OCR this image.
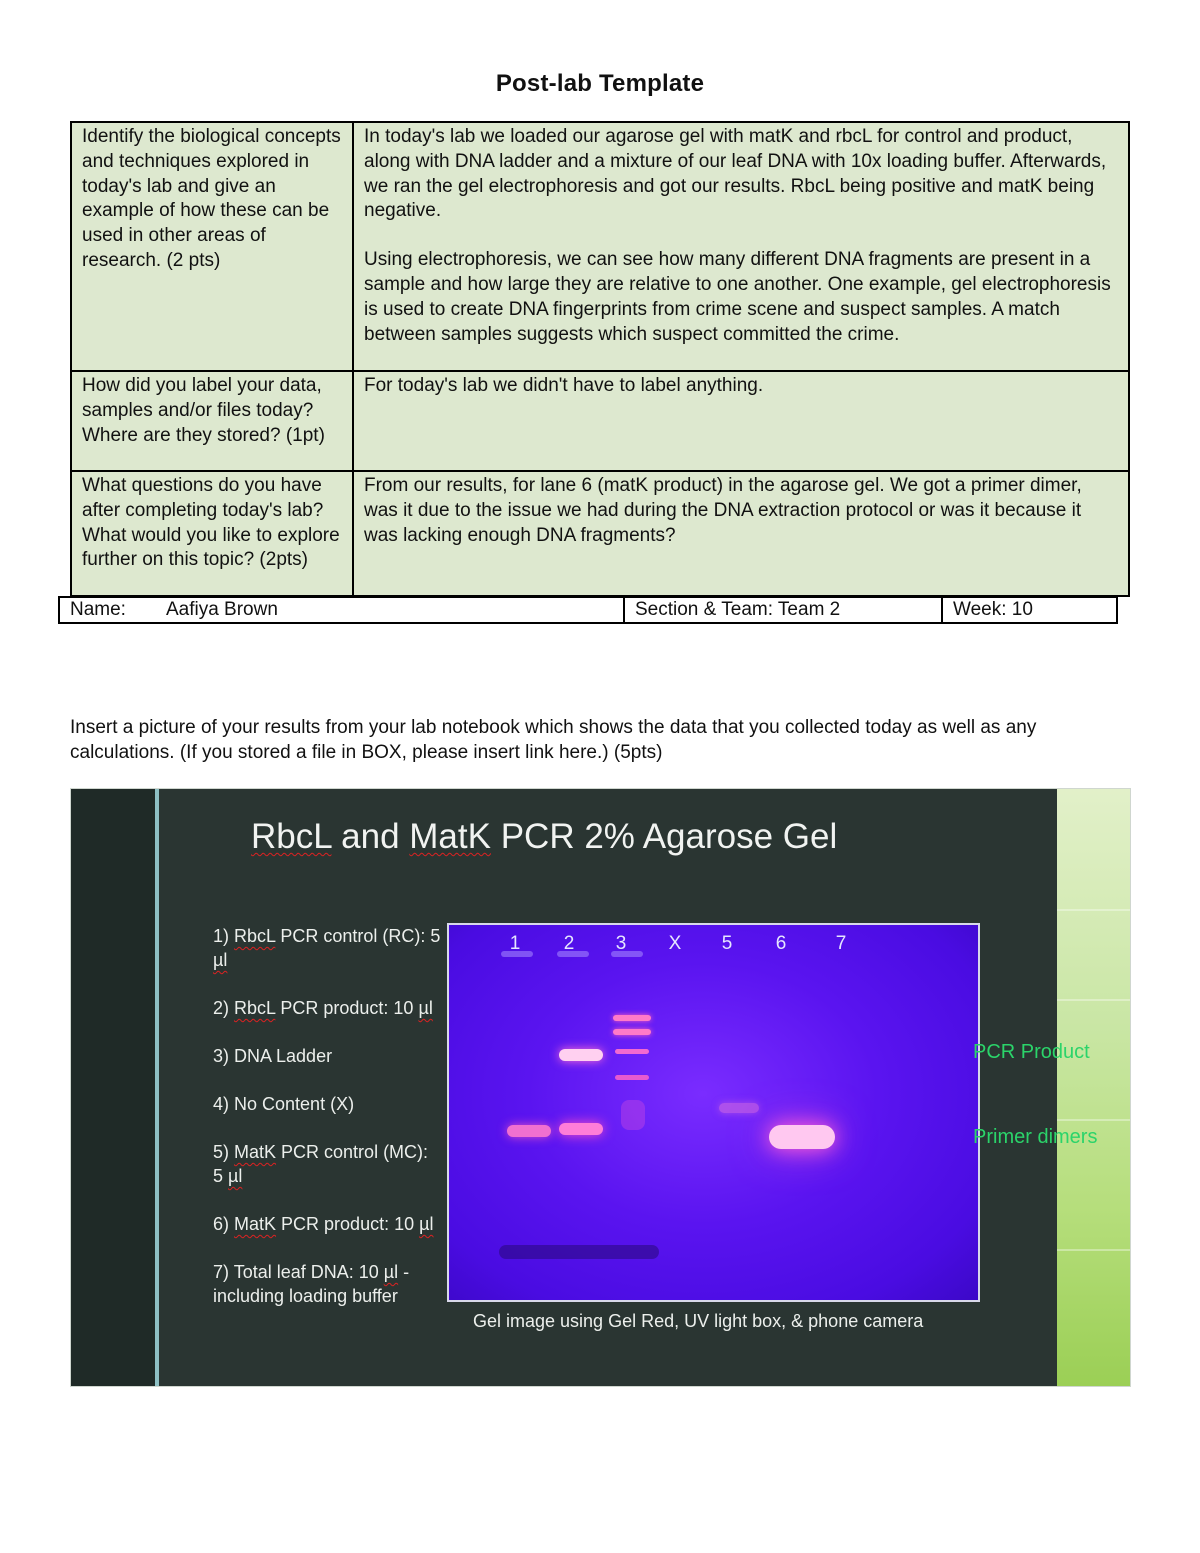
Post-lab Template
Identify the biological concepts and techniques explored in today's lab and give an example of how these can be used in other areas of research. (2 pts)	In today's lab we loaded our agarose gel with matK and rbcL for control and product, along with DNA ladder and a mixture of our leaf DNA with 10x loading buffer. Afterwards, we ran the gel electrophoresis and got our results. RbcL being positive and matK being negative.

Using electrophoresis, we can see how many different DNA fragments are present in a sample and how large they are relative to one another. One example, gel electrophoresis is used to create DNA fingerprints from crime scene and suspect samples. A match between samples suggests which suspect committed the crime.

How did you label your data, samples and/or files today? Where are they stored? (1pt)	For today's lab we didn't have to label anything.

What questions do you have after completing today's lab? What would you like to explore further on this topic? (2pts)	From our results, for lane 6 (matK product) in the agarose gel. We got a primer dimer, was it due to the issue we had during the DNA extraction protocol or was it because it was lacking enough DNA fragments?

Name: Aafiya Brown	Section & Team: Team 2	Week: 10
Insert a picture of your results from your lab notebook which shows the data that you collected today as well as any calculations. (If you stored a file in BOX, please insert link here.) (5pts)
RbcL and MatK PCR 2% Agarose Gel
1) RbcL PCR control (RC): 5 µl
2) RbcL PCR product: 10 µl
3) DNA Ladder
4) No Content (X)
5) MatK PCR control (MC): 5 µl
6) MatK PCR product: 10 µl
7) Total leaf DNA: 10 µl - including loading buffer
1	2	3	X	5	6	7
Gel image using Gel Red, UV light box, & phone camera
PCR Product
Primer dimers
